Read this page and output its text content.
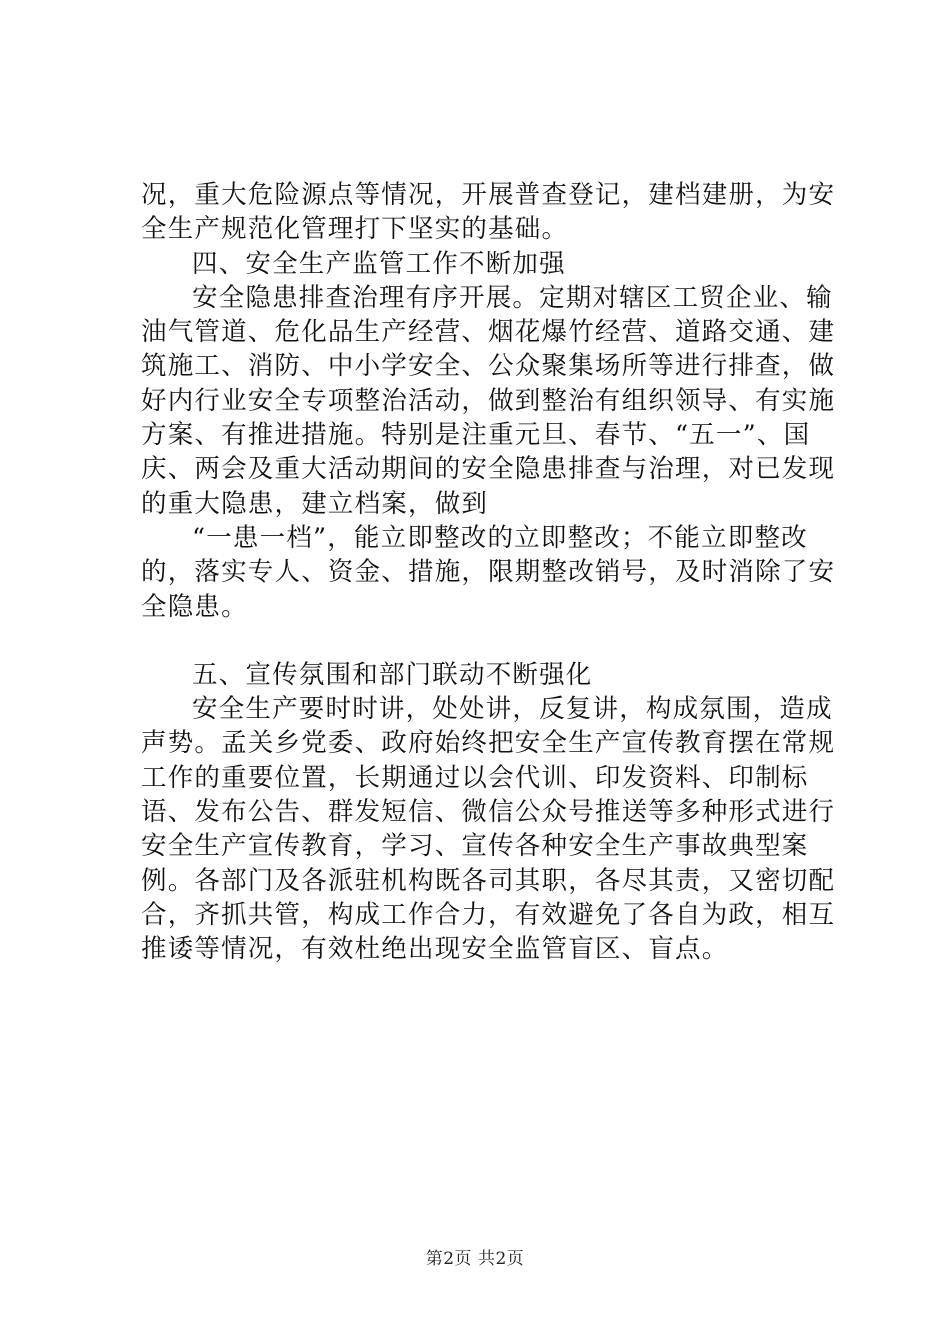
况，重大危险源点等情况，开展普查登记，建档建册，为安全生产规范化管理打下坚实的基础。

四、安全生产监管工作不断加强

安全隐患排查治理有序开展。定期对辖区工贸企业、输油气管道、危化品生产经营、烟花爆竹经营、道路交通、建筑施工、消防、中小学安全、公众聚集场所等进行排查，做好内行业安全专项整治活动，做到整治有组织领导、有实施方案、有推进措施。特别是注重元旦、春节、“五一”、国庆、两会及重大活动期间的安全隐患排查与治理，对已发现的重大隐患，建立档案，做到

“一患一档”，能立即整改的立即整改；不能立即整改的，落实专人、资金、措施，限期整改销号，及时消除了安全隐患。

五、宣传氛围和部门联动不断强化

安全生产要时时讲，处处讲，反复讲，构成氛围，造成声势。孟关乡党委、政府始终把安全生产宣传教育摆在常规工作的重要位置，长期通过以会代训、印发资料、印制标语、发布公告、群发短信、微信公众号推送等多种形式进行安全生产宣传教育，学习、宣传各种安全生产事故典型案例。各部门及各派驻机构既各司其职，各尽其责，又密切配合，齐抓共管，构成工作合力，有效避免了各自为政，相互推诿等情况，有效杜绝出现安全监管盲区、盲点。

第2页 共2页
